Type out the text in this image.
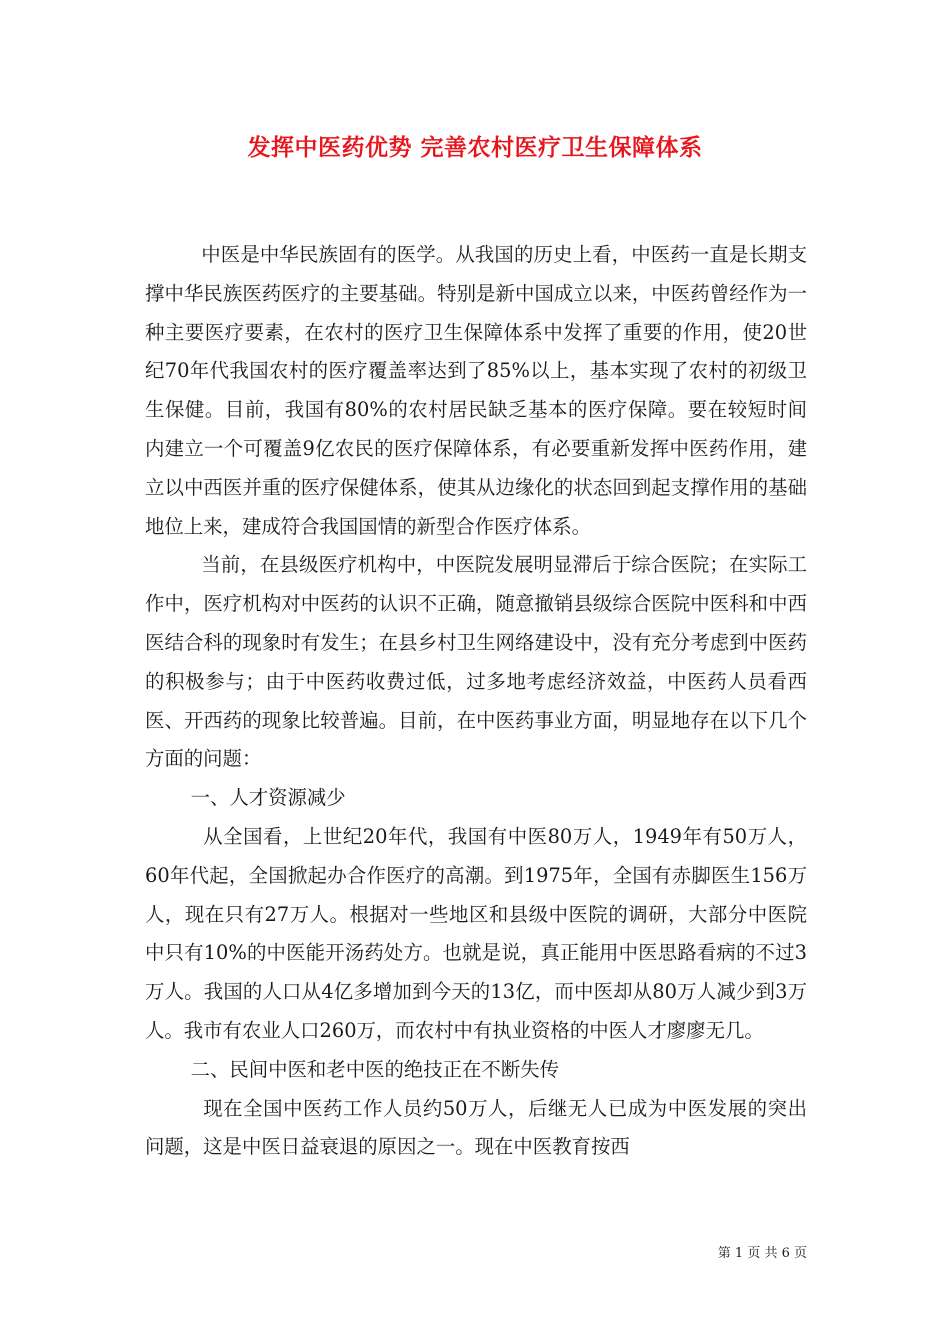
发挥中医药优势 完善农村医疗卫生保障体系

中医是中华民族固有的医学。从我国的历史上看，中医药一直是长期支撑中华民族医药医疗的主要基础。特别是新中国成立以来，中医药曾经作为一种主要医疗要素，在农村的医疗卫生保障体系中发挥了重要的作用，使20世纪70年代我国农村的医疗覆盖率达到了85%以上，基本实现了农村的初级卫生保健。目前，我国有80%的农村居民缺乏基本的医疗保障。要在较短时间内建立一个可覆盖9亿农民的医疗保障体系，有必要重新发挥中医药作用，建立以中西医并重的医疗保健体系，使其从边缘化的状态回到起支撑作用的基础地位上来，建成符合我国国情的新型合作医疗体系。

当前，在县级医疗机构中，中医院发展明显滞后于综合医院；在实际工作中，医疗机构对中医药的认识不正确，随意撤销县级综合医院中医科和中西医结合科的现象时有发生；在县乡村卫生网络建设中，没有充分考虑到中医药的积极参与；由于中医药收费过低，过多地考虑经济效益，中医药人员看西医、开西药的现象比较普遍。目前，在中医药事业方面，明显地存在以下几个方面的问题：

一、人才资源减少

从全国看，上世纪20年代，我国有中医80万人，1949年有50万人，60年代起，全国掀起办合作医疗的高潮。到1975年，全国有赤脚医生156万人，现在只有27万人。根据对一些地区和县级中医院的调研，大部分中医院中只有10%的中医能开汤药处方。也就是说，真正能用中医思路看病的不过3万人。我国的人口从4亿多增加到今天的13亿，而中医却从80万人减少到3万人。我市有农业人口260万，而农村中有执业资格的中医人才廖廖无几。

二、民间中医和老中医的绝技正在不断失传

现在全国中医药工作人员约50万人，后继无人已成为中医发展的突出问题，这是中医日益衰退的原因之一。现在中医教育按西

第 1 页 共 6 页
